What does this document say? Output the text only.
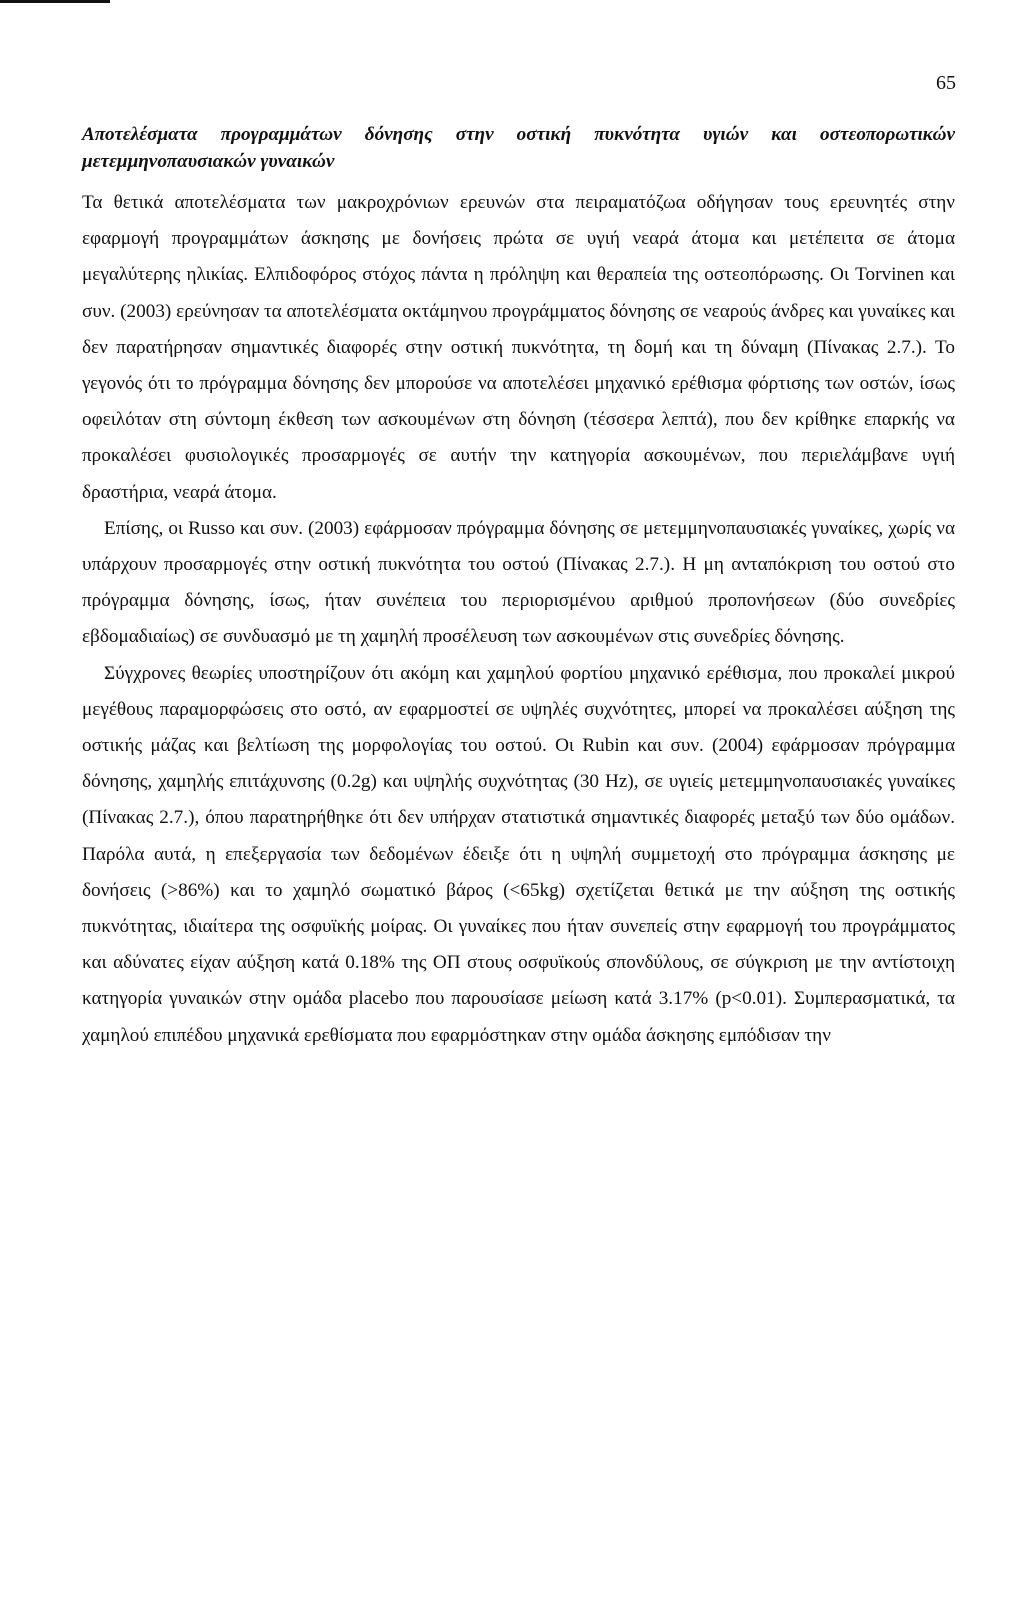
65
Αποτελέσματα προγραμμάτων δόνησης στην οστική πυκνότητα υγιών και οστεοπορωτικών μετεμμηνοπαυσιακών γυναικών

Τα θετικά αποτελέσματα των μακροχρόνιων ερευνών στα πειραματόζωα οδήγησαν τους ερευνητές στην εφαρμογή προγραμμάτων άσκησης με δονήσεις πρώτα σε υγιή νεαρά άτομα και μετέπειτα σε άτομα μεγαλύτερης ηλικίας. Ελπιδοφόρος στόχος πάντα η πρόληψη και θεραπεία της οστεοπόρωσης. Οι Torvinen και συν. (2003) ερεύνησαν τα αποτελέσματα οκτάμηνου προγράμματος δόνησης σε νεαρούς άνδρες και γυναίκες και δεν παρατήρησαν σημαντικές διαφορές στην οστική πυκνότητα, τη δομή και τη δύναμη (Πίνακας 2.7.). Το γεγονός ότι το πρόγραμμα δόνησης δεν μπορούσε να αποτελέσει μηχανικό ερέθισμα φόρτισης των οστών, ίσως οφειλόταν στη σύντομη έκθεση των ασκουμένων στη δόνηση (τέσσερα λεπτά), που δεν κρίθηκε επαρκής να προκαλέσει φυσιολογικές προσαρμογές σε αυτήν την κατηγορία ασκουμένων, που περιελάμβανε υγιή δραστήρια, νεαρά άτομα.

Επίσης, οι Russo και συν. (2003) εφάρμοσαν πρόγραμμα δόνησης σε μετεμμηνοπαυσιακές γυναίκες, χωρίς να υπάρχουν προσαρμογές στην οστική πυκνότητα του οστού (Πίνακας 2.7.). Η μη ανταπόκριση του οστού στο πρόγραμμα δόνησης, ίσως, ήταν συνέπεια του περιορισμένου αριθμού προπονήσεων (δύο συνεδρίες εβδομαδιαίως) σε συνδυασμό με τη χαμηλή προσέλευση των ασκουμένων στις συνεδρίες δόνησης.

Σύγχρονες θεωρίες υποστηρίζουν ότι ακόμη και χαμηλού φορτίου μηχανικό ερέθισμα, που προκαλεί μικρού μεγέθους παραμορφώσεις στο οστό, αν εφαρμοστεί σε υψηλές συχνότητες, μπορεί να προκαλέσει αύξηση της οστικής μάζας και βελτίωση της μορφολογίας του οστού. Οι Rubin και συν. (2004) εφάρμοσαν πρόγραμμα δόνησης, χαμηλής επιτάχυνσης (0.2g) και υψηλής συχνότητας (30 Hz), σε υγιείς μετεμμηνοπαυσιακές γυναίκες (Πίνακας 2.7.), όπου παρατηρήθηκε ότι δεν υπήρχαν στατιστικά σημαντικές διαφορές μεταξύ των δύο ομάδων. Παρόλα αυτά, η επεξεργασία των δεδομένων έδειξε ότι η υψηλή συμμετοχή στο πρόγραμμα άσκησης με δονήσεις (>86%) και το χαμηλό σωματικό βάρος (<65kg) σχετίζεται θετικά με την αύξηση της οστικής πυκνότητας, ιδιαίτερα της οσφυϊκής μοίρας. Οι γυναίκες που ήταν συνεπείς στην εφαρμογή του προγράμματος και αδύνατες είχαν αύξηση κατά 0.18% της ΟΠ στους οσφυϊκούς σπονδύλους, σε σύγκριση με την αντίστοιχη κατηγορία γυναικών στην ομάδα placebo που παρουσίασε μείωση κατά 3.17% (p<0.01). Συμπερασματικά, τα χαμηλού επιπέδου μηχανικά ερεθίσματα που εφαρμόστηκαν στην ομάδα άσκησης εμπόδισαν την
